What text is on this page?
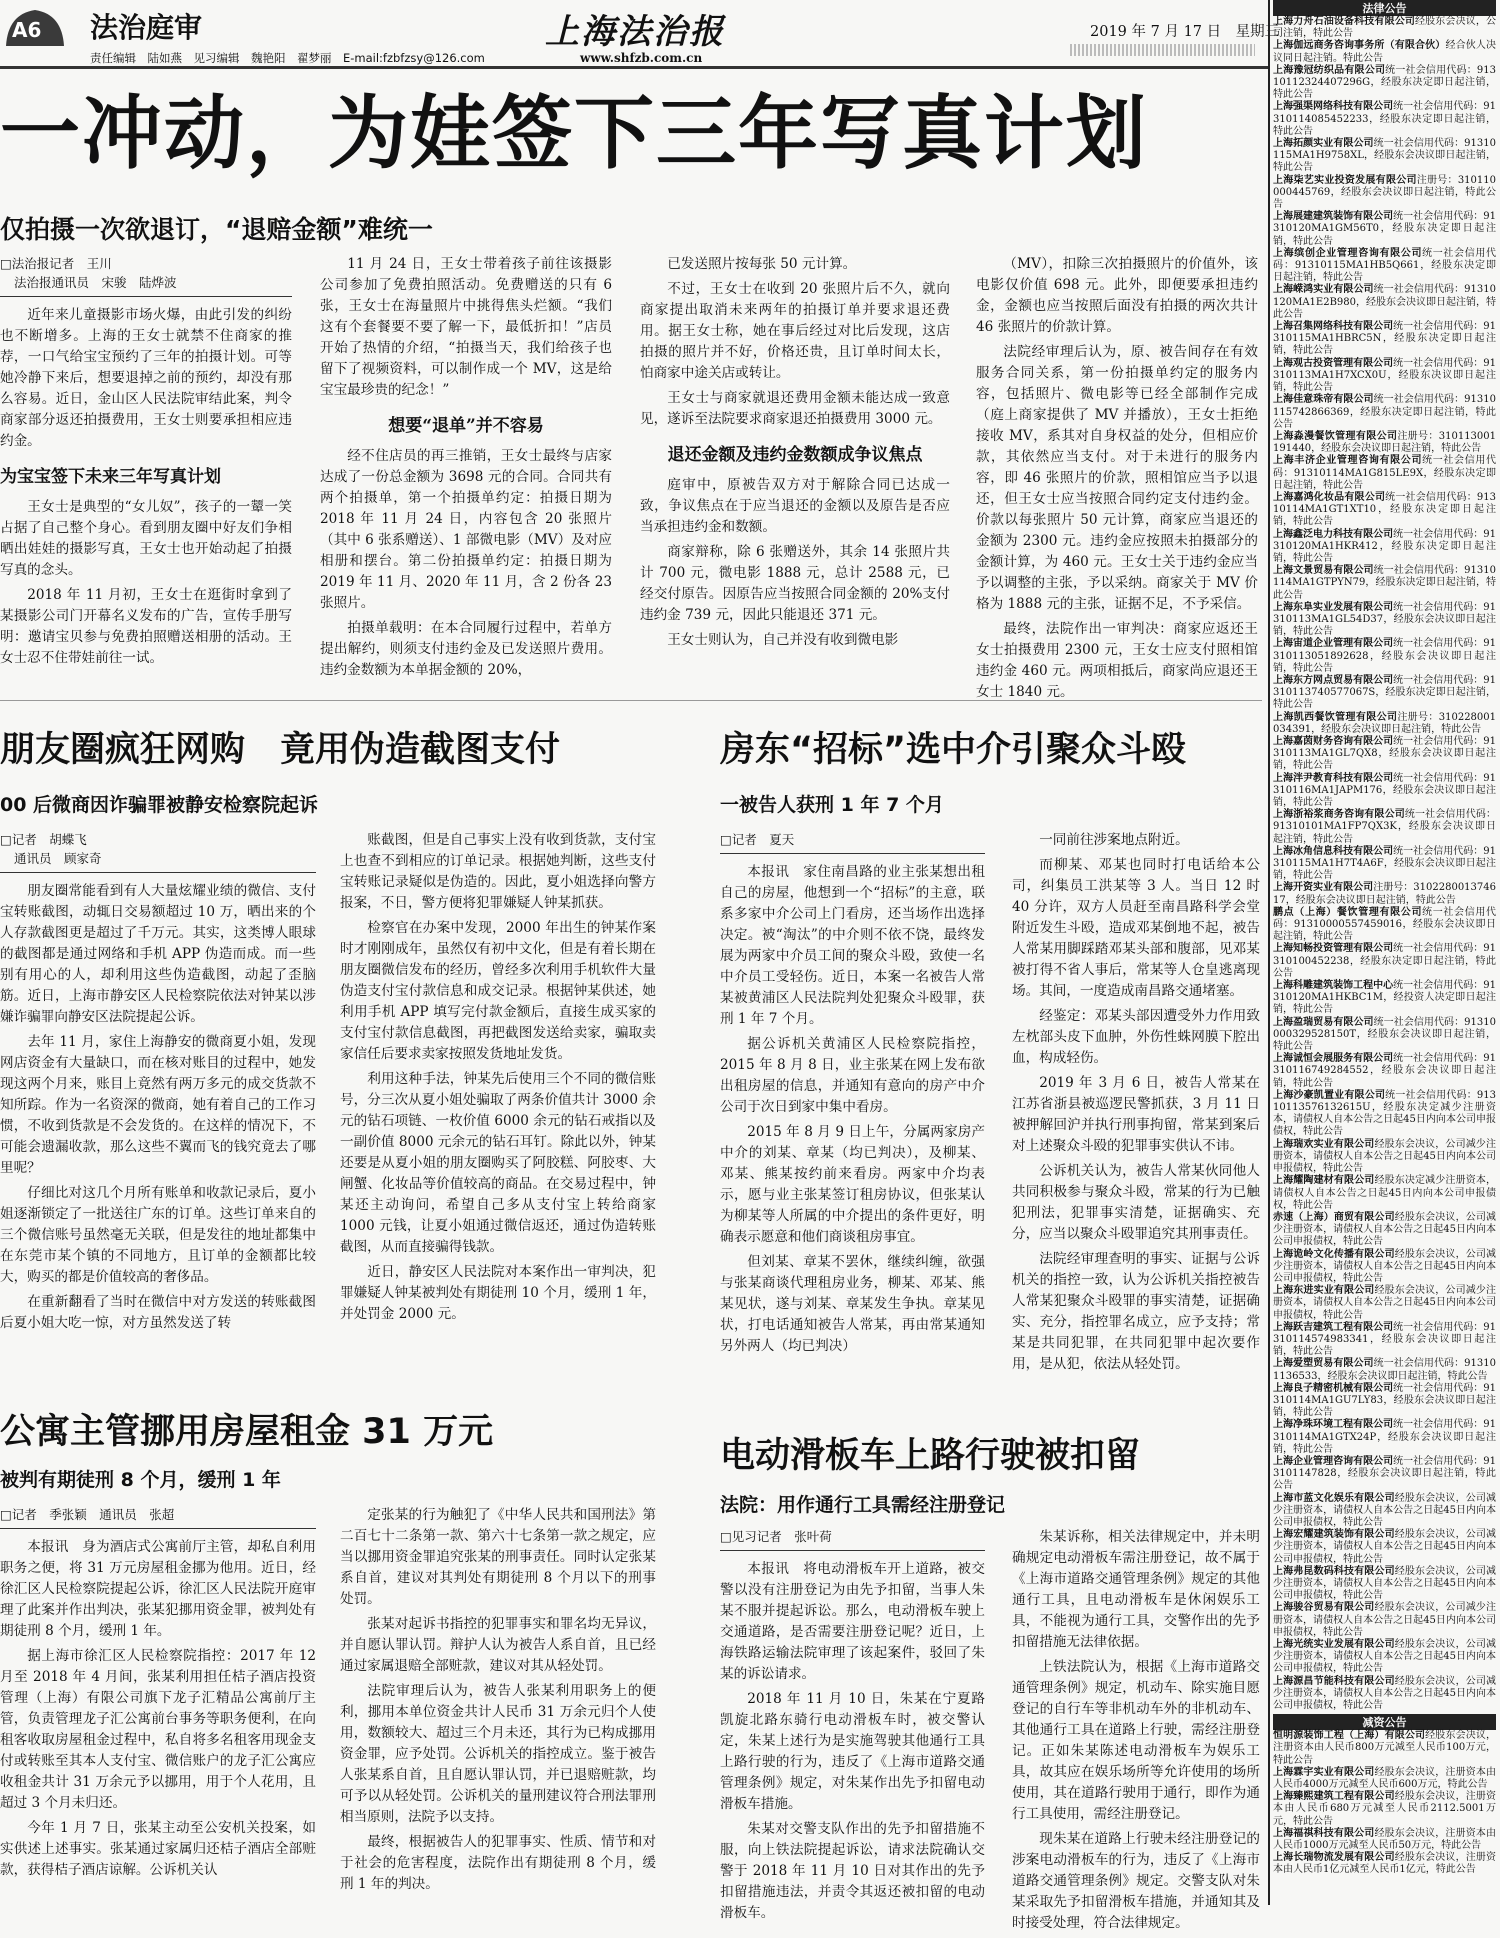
A6 法治庭审
责任编辑　陆如燕　见习编辑　魏艳阳　翟梦丽　E-mail:fzbfzsy@126.com
上海法治报
www.shfzb.com.cn
2019 年 7 月 17 日　星期三
一冲动，为娃签下三年写真计划
仅拍摄一次欲退订，“退赔金额”难统一
□法治报记者　王川
法治报通讯员　宋骏　陆烨波

近年来儿童摄影市场火爆，由此引发的纠纷也不断增多。上海的王女士就禁不住商家的推荐，一口气给宝宝预约了三年的拍摄计划。可等她冷静下来后，想要退掉之前的预约，却没有那么容易。近日，金山区人民法院审结此案，判令商家部分返还拍摄费用，王女士则要承担相应违约金。

为宝宝签下未来三年写真计划

王女士是典型的“女儿奴”，孩子的一颦一笑占据了自己整个身心。看到朋友圈中好友们争相晒出娃娃的摄影写真，王女士也开始动起了拍摄写真的念头。

2018 年 11 月初，王女士在逛街时拿到了某摄影公司门开幕名义发布的广告，宣传手册写明：邀请宝贝参与免费拍照赠送相册的活动。王女士忍不住带娃前往一试。

11 月 24 日，王女士带着孩子前往该摄影公司参加了免费拍照活动。免费赠送的只有 6 张，王女士在海量照片中挑得焦头烂额。“我们这有个套餐要不要了解一下，最低折扣！”店员开始了热情的介绍，“拍摄当天，我们给孩子也留下了视频资料，可以制作成一个 MV，这是给宝宝最珍贵的纪念！”

想要“退单”并不容易

经不住店员的再三推销，王女士最终与店家达成了一份总金额为 3698 元的合同。合同共有两个拍摄单，第一个拍摄单约定：拍摄日期为 2018 年 11 月 24 日，内容包含 20 张照片（其中 6 张系赠送）、1 部微电影（MV）及对应相册和摆台。第二份拍摄单约定：拍摄日期为 2019 年 11 月、2020 年 11 月，含 2 份各 23 张照片。

拍摄单载明：在本合同履行过程中，若单方提出解约，则须支付违约金及已发送照片费用。违约金数额为本单据金额的 20%，

已发送照片按每张 50 元计算。

不过，王女士在收到 20 张照片后不久，就向商家提出取消未来两年的拍摄订单并要求退还费用。据王女士称，她在事后经过对比后发现，这店拍摄的照片并不好，价格还贵，且订单时间太长，怕商家中途关店或转让。

王女士与商家就退还费用金额未能达成一致意见，遂诉至法院要求商家退还拍摄费用 3000 元。

退还金额及违约金数额成争议焦点

庭审中，原被告双方对于解除合同已达成一致，争议焦点在于应当退还的金额以及原告是否应当承担违约金和数额。

商家辩称，除 6 张赠送外，其余 14 张照片共计 700 元，微电影 1888 元，总计 2588 元，已经交付原告。因原告应当按照合同金额的 20%支付违约金 739 元，因此只能退还 371 元。

王女士则认为，自己并没有收到微电影

（MV），扣除三次拍摄照片的价值外，该电影仅价值 698 元。此外，即便要承担违约金，金额也应当按照后面没有拍摄的两次共计 46 张照片的价款计算。

法院经审理后认为，原、被告间存在有效服务合同关系，第一份拍摄单约定的服务内容，包括照片、微电影等已经全部制作完成（庭上商家提供了 MV 并播放），王女士拒绝接收 MV，系其对自身权益的处分，但相应价款，其依然应当支付。对于未进行的服务内容，即 46 张照片的价款，照相馆应当予以退还，但王女士应当按照合同约定支付违约金。价款以每张照片 50 元计算，商家应当退还的金额为 2300 元。违约金应按照未拍摄部分的金额计算，为 460 元。王女士关于违约金应当予以调整的主张，予以采纳。商家关于 MV 价格为 1888 元的主张，证据不足，不予采信。

最终，法院作出一审判决：商家应返还王女士拍摄费用 2300 元，王女士应支付照相馆违约金 460 元。两项相抵后，商家尚应退还王女士 1840 元。

朋友圈疯狂网购　竟用伪造截图支付
00 后微商因诈骗罪被静安检察院起诉
□记者　胡蝶飞
通讯员　顾家奇

朋友圈常能看到有人大量炫耀业绩的微信、支付宝转账截图，动辄日交易额超过 10 万，晒出来的个人存款截图更是超过了千万元。其实，这类博人眼球的截图都是通过网络和手机 APP 伪造而成。而一些别有用心的人，却利用这些伪造截图，动起了歪脑筋。近日，上海市静安区人民检察院依法对钟某以涉嫌诈骗罪向静安区法院提起公诉。

去年 11 月，家住上海静安的微商夏小姐，发现网店资金有大量缺口，而在核对账目的过程中，她发现这两个月来，账目上竟然有两万多元的成交货款不知所踪。作为一名资深的微商，她有着自己的工作习惯，不收到货款是不会发货的。在这样的情况下，不可能会遗漏收款，那么这些不翼而飞的钱究竟去了哪里呢？

仔细比对这几个月所有账单和收款记录后，夏小姐逐渐锁定了一批送往广东的订单。这些订单来自的三个微信账号虽然毫无关联，但是发往的地址都集中在东莞市某个镇的不同地方，且订单的金额都比较大，购买的都是价值较高的奢侈品。

在重新翻看了当时在微信中对方发送的转账截图后夏小姐大吃一惊，对方虽然发送了转

账截图，但是自己事实上没有收到货款，支付宝上也查不到相应的订单记录。根据她判断，这些支付宝转账记录疑似是伪造的。因此，夏小姐选择向警方报案，不日，警方便将犯罪嫌疑人钟某抓获。

检察官在办案中发现，2000 年出生的钟某作案时才刚刚成年，虽然仅有初中文化，但是有着长期在朋友圈微信发布的经历，曾经多次利用手机软件大量伪造支付宝付款信息和成交记录。根据钟某供述，她利用手机 APP 填写完付款金额后，直接生成买家的支付宝付款信息截图，再把截图发送给卖家，骗取卖家信任后要求卖家按照发货地址发货。

利用这种手法，钟某先后使用三个不同的微信账号，分三次从夏小姐处骗取了两条价值共计 3000 余元的钻石项链、一枚价值 6000 余元的钻石戒指以及一副价值 8000 元余元的钻石耳钉。除此以外，钟某还要是从夏小姐的朋友圈购买了阿胶糕、阿胶枣、大闸蟹、化妆品等价值较高的商品。在交易过程中，钟某还主动询问，希望自己多从支付宝上转给商家 1000 元钱，让夏小姐通过微信返还，通过伪造转账截图，从而直接骗得钱款。

近日，静安区人民法院对本案作出一审判决，犯罪嫌疑人钟某被判处有期徒刑 10 个月，缓刑 1 年，并处罚金 2000 元。

房东“招标”选中介引聚众斗殴
一被告人获刑 1 年 7 个月
□记者　夏天

本报讯　家住南昌路的业主张某想出租自己的房屋，他想到一个“招标”的主意，联系多家中介公司上门看房，还当场作出选择决定。被“淘汰”的中介则不依不饶，最终发展为两家中介员工间的聚众斗殴，致使一名中介员工受轻伤。近日，本案一名被告人常某被黄浦区人民法院判处犯聚众斗殴罪，获刑 1 年 7 个月。

据公诉机关黄浦区人民检察院指控，2015 年 8 月 8 日，业主张某在网上发布欲出租房屋的信息，并通知有意向的房产中介公司于次日到家中集中看房。

2015 年 8 月 9 日上午，分属两家房产中介的刘某、章某（均已判决），及柳某、邓某、熊某按约前来看房。两家中介均表示，愿与业主张某签订租房协议，但张某认为柳某等人所属的中介提出的条件更好，明确表示愿意和他们商谈租房事宜。

但刘某、章某不罢休，继续纠缠，欲强与张某商谈代理租房业务，柳某、邓某、熊某见状，遂与刘某、章某发生争执。章某见状，打电话通知被告人常某，再由常某通知另外两人（均已判决）

一同前往涉案地点附近。

而柳某、邓某也同时打电话给本公司，纠集员工洪某等 3 人。当日 12 时 40 分许，双方人员赶至南昌路科学会堂附近发生斗殴，造成邓某倒地不起，被告人常某用脚踩踏邓某头部和腹部，见邓某被打得不省人事后，常某等人仓皇逃离现场。其间，一度造成南昌路交通堵塞。

经鉴定：邓某头部因遭受外力作用致左枕部头皮下血肿，外伤性蛛网膜下腔出血，构成轻伤。

2019 年 3 月 6 日，被告人常某在江苏省浙县被巡逻民警抓获，3 月 11 日被押解回沪并执行刑事拘留，常某到案后对上述聚众斗殴的犯罪事实供认不讳。

公诉机关认为，被告人常某伙同他人共同积极参与聚众斗殴，常某的行为已触犯刑法，犯罪事实清楚，证据确实、充分，应当以聚众斗殴罪追究其刑事责任。

法院经审理查明的事实、证据与公诉机关的指控一致，认为公诉机关指控被告人常某犯聚众斗殴罪的事实清楚，证据确实、充分，指控罪名成立，应予支持；常某是共同犯罪，在共同犯罪中起次要作用，是从犯，依法从轻处罚。

公寓主管挪用房屋租金 31 万元
被判有期徒刑 8 个月，缓刑 1 年
□记者　季张颖　通讯员　张超

本报讯　身为酒店式公寓前厅主管，却私自利用职务之便，将 31 万元房屋租金挪为他用。近日，经徐汇区人民检察院提起公诉，徐汇区人民法院开庭审理了此案并作出判决，张某犯挪用资金罪，被判处有期徒刑 8 个月，缓刑 1 年。

据上海市徐汇区人民检察院指控：2017 年 12 月至 2018 年 4 月间，张某利用担任桔子酒店投资管理（上海）有限公司旗下龙子汇精品公寓前厅主管，负责管理龙子汇公寓前台事务等职务便利，在向租客收取房屋租金过程中，私自将多名租客用现金支付或转账至其本人支付宝、微信账户的龙子汇公寓应收租金共计 31 万余元予以挪用，用于个人花用，且超过 3 个月未归还。

今年 1 月 7 日，张某主动至公安机关投案，如实供述上述事实。张某通过家属归还桔子酒店全部赃款，获得桔子酒店谅解。公诉机关认

定张某的行为触犯了《中华人民共和国刑法》第二百七十二条第一款、第六十七条第一款之规定，应当以挪用资金罪追究张某的刑事责任。同时认定张某系自首，建议对其判处有期徒刑 8 个月以下的刑事处罚。

张某对起诉书指控的犯罪事实和罪名均无异议，并自愿认罪认罚。辩护人认为被告人系自首，且已经通过家属退赔全部赃款，建议对其从轻处罚。

法院审理后认为，被告人张某利用职务上的便利，挪用本单位资金共计人民币 31 万余元归个人使用，数额较大、超过三个月未还，其行为已构成挪用资金罪，应予处罚。公诉机关的指控成立。鉴于被告人张某系自首，且自愿认罪认罚，并已退赔赃款，均可予以从轻处罚。公诉机关的量刑建议符合刑法罪刑相当原则，法院予以支持。

最终，根据被告人的犯罪事实、性质、情节和对于社会的危害程度，法院作出有期徒刑 8 个月，缓刑 1 年的判决。

电动滑板车上路行驶被扣留
法院：用作通行工具需经注册登记
□见习记者　张叶荷

本报讯　将电动滑板车开上道路，被交警以没有注册登记为由先予扣留，当事人朱某不服并提起诉讼。那么，电动滑板车驶上交通道路，是否需要注册登记呢？近日，上海铁路运输法院审理了该起案件，驳回了朱某的诉讼请求。

2018 年 11 月 10 日，朱某在宁夏路凯旋北路东骑行电动滑板车时，被交警认定，朱某上述行为是实施驾驶其他通行工具上路行驶的行为，违反了《上海市道路交通管理条例》规定，对朱某作出先予扣留电动滑板车措施。

朱某对交警支队作出的先予扣留措施不服，向上铁法院提起诉讼，请求法院确认交警于 2018 年 11 月 10 日对其作出的先予扣留措施违法，并责令其返还被扣留的电动滑板车。

朱某诉称，相关法律规定中，并未明确规定电动滑板车需注册登记，故不属于《上海市道路交通管理条例》规定的其他通行工具，且电动滑板车是休闲娱乐工具，不能视为通行工具，交警作出的先予扣留措施无法律依据。

上铁法院认为，根据《上海市道路交通管理条例》规定，机动车、除实施目愿登记的自行车等非机动车外的非机动车、其他通行工具在道路上行驶，需经注册登记。正如朱某陈述电动滑板车为娱乐工具，故其应在娱乐场所等允许使用的场所使用，其在道路行驶用于通行，即作为通行工具使用，需经注册登记。

现朱某在道路上行驶未经注册登记的涉案电动滑板车的行为，违反了《上海市道路交通管理条例》规定。交警支队对朱某采取先予扣留滑板车措施，并通知其及时接受处理，符合法律规定。

法律公告

上海力舟石油设备科技有限公司经股东会决议，公司注销，特此公告

上海伽远商务咨询事务所（有限合伙）经合伙人决议同日起注销。特此公告

上海豫冠纺织品有限公司统一社会信用代码：91310112324407296G，经股东决定即日起注销，特此公告

上海强渠网络科技有限公司统一社会信用代码：91310114085452233，经股东决定即日起注销，特此公告

上海拓颜实业有限公司统一社会信用代码：91310115MA1H9758XL，经股东会决议即日起注销，特此公告

上海柒艺实业投资发展有限公司注册号：310110000445769，经股东会决议即日起注销，特此公告

上海展建建筑装饰有限公司统一社会信用代码：91310120MA1GM56T0，经股东决定即日起注销，特此公告

上海缤创企业管理咨询有限公司统一社会信用代码：91310115MA1HB5Q661，经股东决定即日起注销，特此公告

上海嵘鸿实业有限公司统一社会信用代码：91310120MA1E2B980，经股东会决议即日起注销，特此公告

上海召集网络科技有限公司统一社会信用代码：91310115MA1HBRC5N，经股东决定即日起注销，特此公告

上海观古投资管理有限公司统一社会信用代码：91310113MA1H7XCX0U，经股东决议即日起注销，特此公告

上海佳意珠帝有限公司统一社会信用代码：91310115742866369，经股东决定即日起注销，特此公告

上海淼漫餐饮管理有限公司注册号：310113001191440，经股东会决议即日起注销，特此公告

上海丰济企业管理咨询有限公司统一社会信用代码：91310114MA1G815LE9X，经股东决定即日起注销，特此公告

上海嘉鸿化妆品有限公司统一社会信用代码：91310114MA1GT1XT10，经股东决定即日起注销，特此公告

上海鑫泛电力科技有限公司统一社会信用代码：91310120MA1HKR412，经股东决定即日起注销，特此公告

上海文景贸易有限公司统一社会信用代码：91310114MA1GTPYN79，经股东决定即日起注销，特此公告

上海东阜实业发展有限公司统一社会信用代码：91310113MA1GL54D37，经股东会决议即日起注销，特此公告

上海宙道企业管理有限公司统一社会信用代码：91310113051892628，经股东会决议即日起注销，特此公告

上海东方网点贸易有限公司统一社会信用代码：91310113740577067S，经股东决定即日起注销，特此公告

上海凯西餐饮管理有限公司注册号：310228001034391，经股东会决议即日起注销，特此公告

上海嘉茵财务咨询有限公司统一社会信用代码：91310113MA1GL7QX8，经股东会决议即日起注销，特此公告

上海泮尹教育科技有限公司统一社会信用代码：91310116MA1JAPM176，经股东会决议即日起注销，特此公告

上海浙裕浆商务咨询有限公司统一社会信用代码：91310101MA1FP7QX3K，经股东会决议即日起注销，特此公告

上海冰角信息科技有限公司统一社会信用代码：91310115MA1H7T4A6F，经股东会决议即日起注销，特此公告

上海开资实业有限公司注册号：310228001374617，经股东会决议即日起注销，特此公告

鹏点（上海）餐饮管理有限公司统一社会信用代码：91310000557459016，经股东会决议即日起注销，特此公告

上海知畅投资管理有限公司统一社会信用代码：91310100452238，经股东决定即日起注销，特此公告

上海科雕建筑装饰工程中心统一社会信用代码：91310120MA1HKBC1M，经投资人决定即日起注销，特此公告

上海盈瑞贸易有限公司统一社会信用代码：91310000329528150T，经股东会决议即日起注销，特此公告

上海诚恒会展服务有限公司统一社会信用代码：91310116749284552，经股东会决议即日起注销，特此公告

上海沙豪凯置业有限公司统一社会信用代码：91310113576132615U，经股东决定减少注册资本，请债权人自本公告之日起45日内向本公司申报债权，特此公告

上海瑞欢实业有限公司经股东会决议，公司减少注册资本，请债权人自本公告之日起45日内向本公司申报债权，特此公告

上海耀陶建材有限公司经股东决定减少注册资本，请债权人自本公告之日起45日内向本公司申报债权，特此公告

赤速（上海）商贸有限公司经股东会决议，公司减少注册资本，请债权人自本公告之日起45日内向本公司申报债权，特此公告

上海诡岭文化传播有限公司经股东会决议，公司减少注册资本，请债权人自本公告之日起45日内向本公司申报债权，特此公告

上海东进实业有限公司经股东会决议，公司减少注册资本，请债权人自本公告之日起45日内向本公司申报债权，特此公告

上海跃吉建筑工程有限公司统一社会信用代码：91310114574983341，经股东会决议即日起注销，特此公告

上海爱塑贸易有限公司统一社会信用代码：913101136533，经股东会决议即日起注销，特此公告

上海良子精密机械有限公司统一社会信用代码：91310114MA1GU7LY83，经股东会决议即日起注销，特此公告

上海净珠环境工程有限公司统一社会信用代码：91310114MA1GTX24P，经股东会决议即日起注销，特此公告

上海企业管理咨询有限公司统一社会信用代码：913101147828，经股东会决议即日起注销，特此公告

上海市蓝文化娱乐有限公司经股东会决议，公司减少注册资本，请债权人自本公告之日起45日内向本公司申报债权，特此公告

上海宏耀建筑装饰有限公司经股东会决议，公司减少注册资本，请债权人自本公告之日起45日内向本公司申报债权，特此公告

上海弗昆数码科技有限公司经股东会决议，公司减少注册资本，请债权人自本公告之日起45日内向本公司申报债权，特此公告

上海骏谷贸易有限公司经股东会决议，公司减少注册资本，请债权人自本公告之日起45日内向本公司申报债权，特此公告

上海光统实业发展有限公司经股东会决议，公司减少注册资本，请债权人自本公告之日起45日内向本公司申报债权，特此公告

上海源昌节能科技有限公司经股东会决议，公司减少注册资本，请债权人自本公告之日起45日内向本公司申报债权，特此公告

减资公告

恒明源装饰工程（上海）有限公司经股东会决议，注册资本由人民币800万元减至人民币100万元，特此公告

上海霖宇实业有限公司经股东会决议，注册资本由人民币4000万元减至人民币600万元，特此公告

上海臻熙建筑工程有限公司经股东会决议，注册资本由人民币680万元减至人民币2112.5001万元，特此公告

上海福祺科技有限公司经股东会决议，注册资本由人民币1000万元减至人民币50万元，特此公告

上海长瑞物流发展有限公司经股东会决议，注册资本由人民币1亿元减至人民币1亿元，特此公告
